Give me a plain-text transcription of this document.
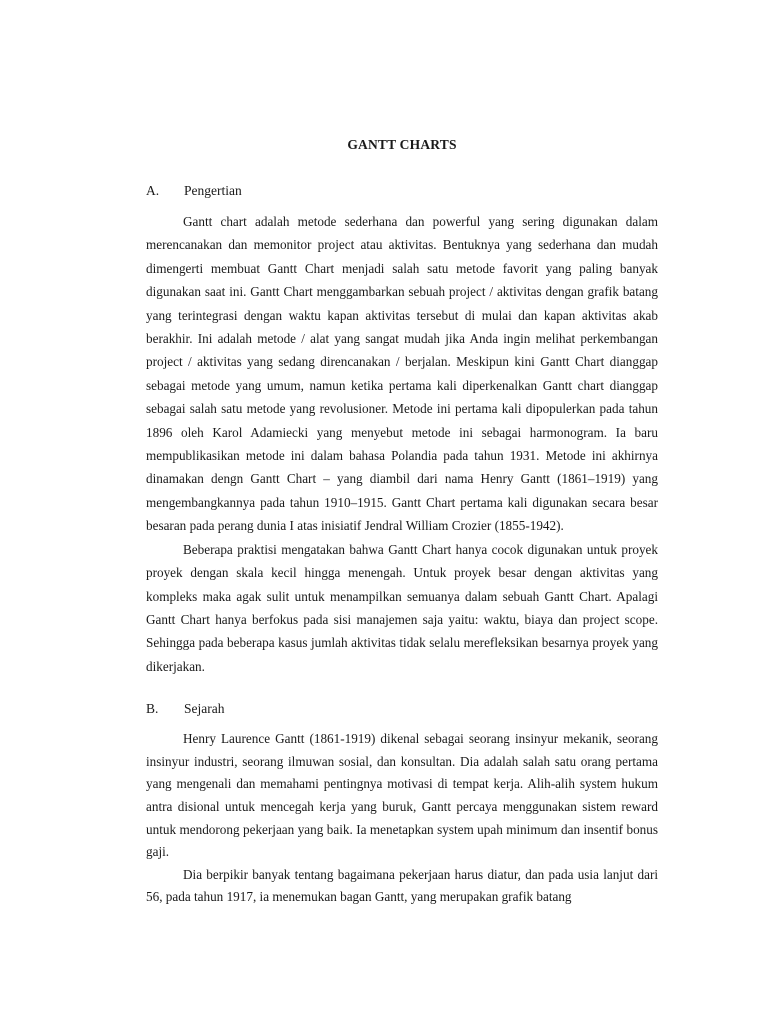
GANTT CHARTS
A.	Pengertian

Gantt chart adalah metode sederhana dan powerful yang sering digunakan dalam merencanakan dan memonitor project atau aktivitas. Bentuknya yang sederhana dan mudah dimengerti membuat Gantt Chart menjadi salah satu metode favorit yang paling banyak digunakan saat ini. Gantt Chart menggambarkan sebuah project / aktivitas dengan grafik batang yang terintegrasi dengan waktu kapan aktivitas tersebut di mulai dan kapan aktivitas akab berakhir. Ini adalah metode / alat yang sangat mudah jika Anda ingin melihat perkembangan project / aktivitas yang sedang direncanakan / berjalan. Meskipun kini Gantt Chart dianggap sebagai metode yang umum, namun ketika pertama kali diperkenalkan Gantt chart dianggap sebagai salah satu metode yang revolusioner. Metode ini pertama kali dipopulerkan pada tahun 1896 oleh Karol Adamiecki yang menyebut metode ini sebagai harmonogram. Ia baru mempublikasikan metode ini dalam bahasa Polandia pada tahun 1931. Metode ini akhirnya dinamakan dengn Gantt Chart – yang diambil dari nama Henry Gantt (1861–1919) yang mengembangkannya pada tahun 1910–1915. Gantt Chart pertama kali digunakan secara besar besaran pada perang dunia I atas inisiatif Jendral William Crozier (1855-1942).

Beberapa praktisi mengatakan bahwa Gantt Chart hanya cocok digunakan untuk proyek proyek dengan skala kecil hingga menengah. Untuk proyek besar dengan aktivitas yang kompleks maka agak sulit untuk menampilkan semuanya dalam sebuah Gantt Chart. Apalagi Gantt Chart hanya berfokus pada sisi manajemen saja yaitu: waktu, biaya dan project scope. Sehingga pada beberapa kasus jumlah aktivitas tidak selalu merefleksikan besarnya proyek yang dikerjakan.

B.	Sejarah

Henry Laurence Gantt (1861-1919) dikenal sebagai seorang insinyur mekanik, seorang insinyur industri, seorang ilmuwan sosial, dan konsultan. Dia adalah salah satu orang pertama yang mengenali dan memahami pentingnya motivasi di tempat kerja. Alih-alih system hukum antra disional untuk mencegah kerja yang buruk, Gantt percaya menggunakan sistem reward untuk mendorong pekerjaan yang baik. Ia menetapkan system upah minimum dan insentif bonus gaji.

Dia berpikir banyak tentang bagaimana pekerjaan harus diatur, dan pada usia lanjut dari 56, pada tahun 1917, ia menemukan bagan Gantt, yang merupakan grafik batang
